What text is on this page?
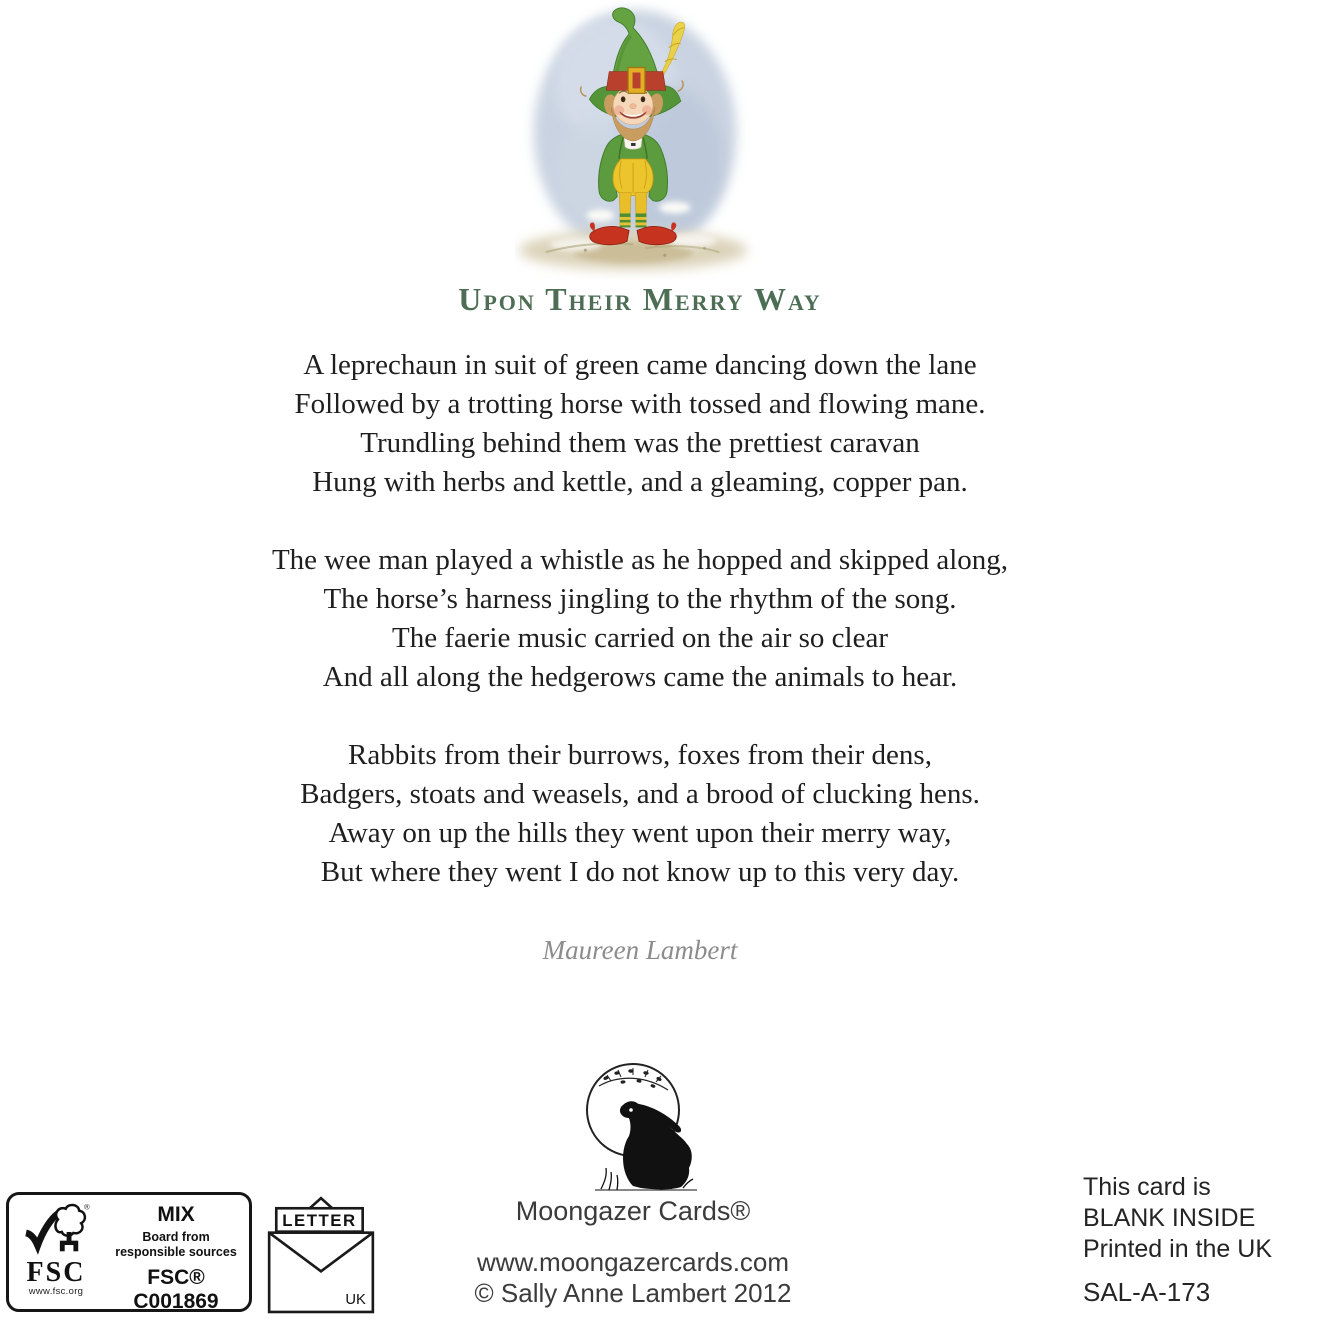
Upon Their Merry Way
A leprechaun in suit of green came dancing down the lane
Followed by a trotting horse with tossed and flowing mane.
Trundling behind them was the prettiest caravan
Hung with herbs and kettle, and a gleaming, copper pan.
The wee man played a whistle as he hopped and skipped along,
The horse’s harness jingling to the rhythm of the song.
The faerie music carried on the air so clear
And all along the hedgerows came the animals to hear.
Rabbits from their burrows, foxes from their dens,
Badgers, stoats and weasels, and a brood of clucking hens.
Away on up the hills they went upon their merry way,
But where they went I do not know up to this very day.
Maureen Lambert
Moongazer Cards®
www.moongazercards.com
© Sally Anne Lambert 2012
®
FSC
www.fsc.org
MIX
Board from
responsible sources
FSC® C001869
LETTER
UK
This card is
BLANK INSIDE
Printed in the UK
SAL-A-173
